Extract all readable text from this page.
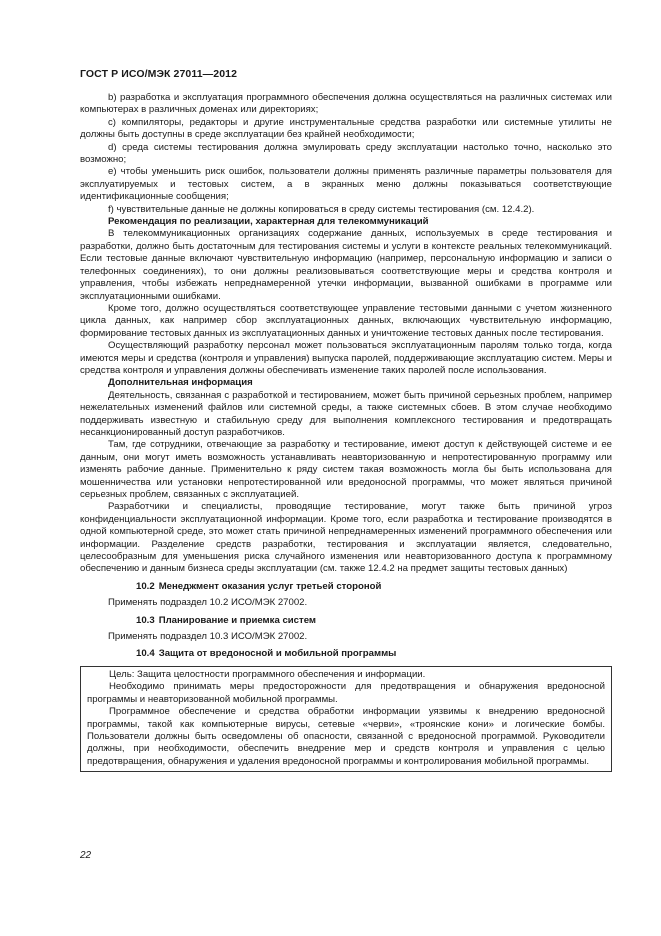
ГОСТ Р ИСО/МЭК 27011—2012

b) разработка и эксплуатация программного обеспечения должна осуществляться на различных системах или компьютерах в различных доменах или директориях;

c) компиляторы, редакторы и другие инструментальные средства разработки или системные утилиты не должны быть доступны в среде эксплуатации без крайней необходимости;

d) среда системы тестирования должна эмулировать среду эксплуатации настолько точно, насколько это возможно;

e) чтобы уменьшить риск ошибок, пользователи должны применять различные параметры пользователя для эксплуатируемых и тестовых систем, а в экранных меню должны показываться соответствующие идентификационные сообщения;

f) чувствительные данные не должны копироваться в среду системы тестирования (см. 12.4.2).

Рекомендация по реализации, характерная для телекоммуникаций

В телекоммуникационных организациях содержание данных, используемых в среде тестирования и разработки, должно быть достаточным для тестирования системы и услуги в контексте реальных телекоммуникаций. Если тестовые данные включают чувствительную информацию (например, персональную информацию и записи о телефонных соединениях), то они должны реализовываться соответствующие меры и средства контроля и управления, чтобы избежать непреднамеренной утечки информации, вызванной ошибками в программе или эксплуатационными ошибками.

Кроме того, должно осуществляться соответствующее управление тестовыми данными с учетом жизненного цикла данных, как например сбор эксплуатационных данных, включающих чувствительную информацию, формирование тестовых данных из эксплуатационных данных и уничтожение тестовых данных после тестирования.

Осуществляющий разработку персонал может пользоваться эксплуатационным паролям только тогда, когда имеются меры и средства (контроля и управления) выпуска паролей, поддерживающие эксплуатацию систем. Меры и средства контроля и управления должны обеспечивать изменение таких паролей после использования.

Дополнительная информация

Деятельность, связанная с разработкой и тестированием, может быть причиной серьезных проблем, например нежелательных изменений файлов или системной среды, а также системных сбоев. В этом случае необходимо поддерживать известную и стабильную среду для выполнения комплексного тестирования и предотвращать несанкционированный доступ разработчиков.

Там, где сотрудники, отвечающие за разработку и тестирование, имеют доступ к действующей системе и ее данным, они могут иметь возможность устанавливать неавторизованную и непротестированную программу или изменять рабочие данные. Применительно к ряду систем такая возможность могла бы быть использована для мошенничества или установки непротестированной или вредоносной программы, что может являться причиной серьезных проблем, связанных с эксплуатацией.

Разработчики и специалисты, проводящие тестирование, могут также быть причиной угроз конфиденциальности эксплуатационной информации. Кроме того, если разработка и тестирование производятся в одной компьютерной среде, это может стать причиной непреднамеренных изменений программного обеспечения или информации. Разделение средств разработки, тестирования и эксплуатации является, следовательно, целесообразным для уменьшения риска случайного изменения или неавторизованного доступа к программному обеспечению и данным бизнеса среды эксплуатации (см. также 12.4.2 на предмет защиты тестовых данных)

10.2 Менеджмент оказания услуг третьей стороной

Применять подраздел 10.2 ИСО/МЭК 27002.

10.3 Планирование и приемка систем

Применять подраздел 10.3 ИСО/МЭК 27002.

10.4 Защита от вредоносной и мобильной программы

Цель: Защита целостности программного обеспечения и информации.

Необходимо принимать меры предосторожности для предотвращения и обнаружения вредоносной программы и неавторизованной мобильной программы.

Программное обеспечение и средства обработки информации уязвимы к внедрению вредоносной программы, такой как компьютерные вирусы, сетевые «черви», «троянские кони» и логические бомбы. Пользователи должны быть осведомлены об опасности, связанной с вредоносной программой. Руководители должны, при необходимости, обеспечить внедрение мер и средств контроля и управления с целью предотвращения, обнаружения и удаления вредоносной программы и контролирования мобильной программы.

22
